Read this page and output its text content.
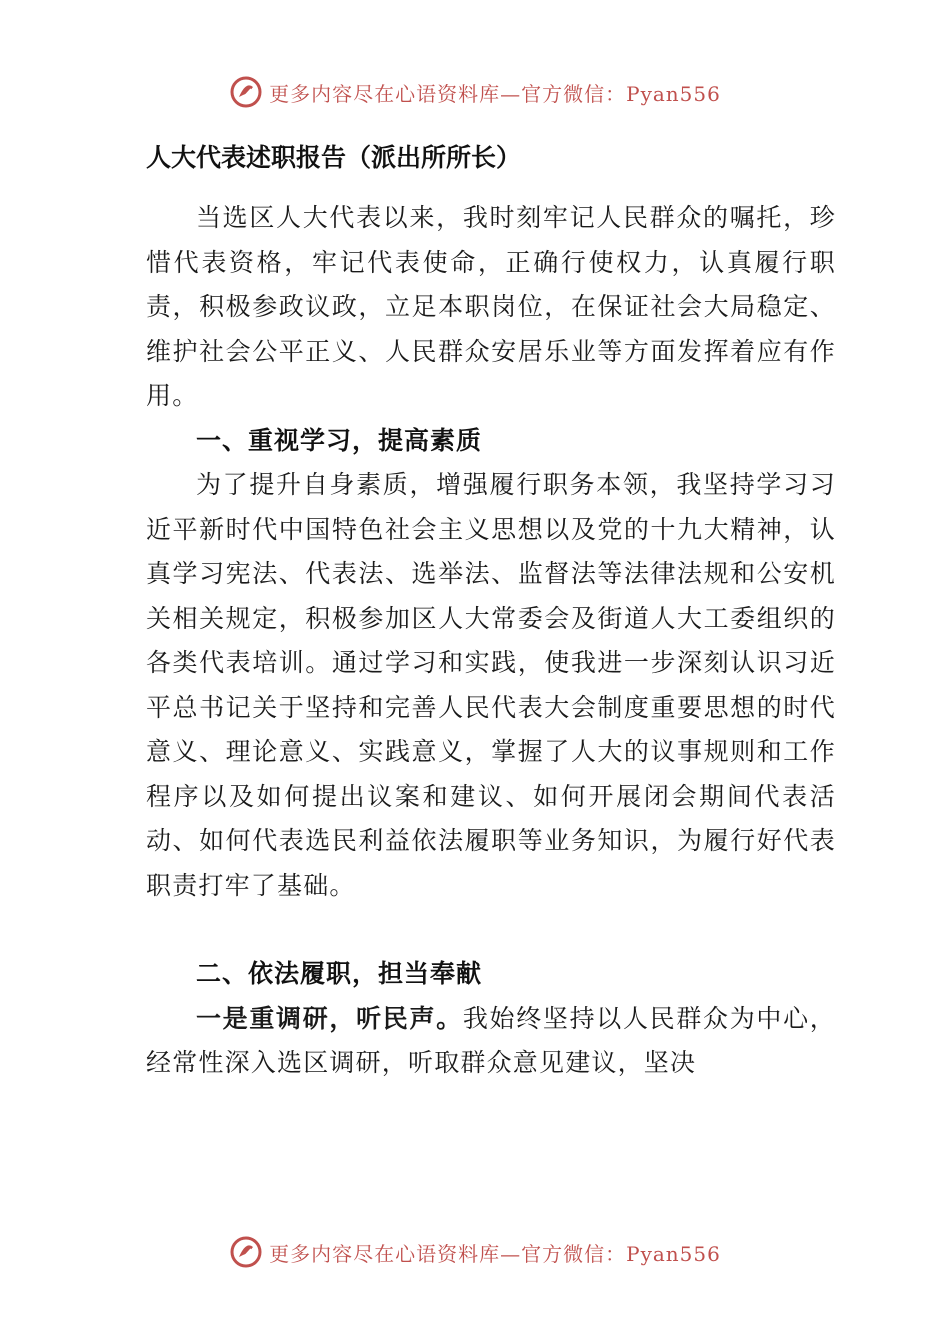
更多内容尽在心语资料库—官方微信：Pyan556
人大代表述职报告（派出所所长）

当选区人大代表以来，我时刻牢记人民群众的嘱托，珍惜代表资格，牢记代表使命，正确行使权力，认真履行职责，积极参政议政，立足本职岗位，在保证社会大局稳定、维护社会公平正义、人民群众安居乐业等方面发挥着应有作用。

一、重视学习，提高素质

为了提升自身素质，增强履行职务本领，我坚持学习习近平新时代中国特色社会主义思想以及党的十九大精神，认真学习宪法、代表法、选举法、监督法等法律法规和公安机关相关规定，积极参加区人大常委会及街道人大工委组织的各类代表培训。通过学习和实践，使我进一步深刻认识习近平总书记关于坚持和完善人民代表大会制度重要思想的时代意义、理论意义、实践意义，掌握了人大的议事规则和工作程序以及如何提出议案和建议、如何开展闭会期间代表活动、如何代表选民利益依法履职等业务知识，为履行好代表职责打牢了基础。

二、依法履职，担当奉献

一是重调研，听民声。我始终坚持以人民群众为中心，经常性深入选区调研，听取群众意见建议，坚决

更多内容尽在心语资料库—官方微信：Pyan556
